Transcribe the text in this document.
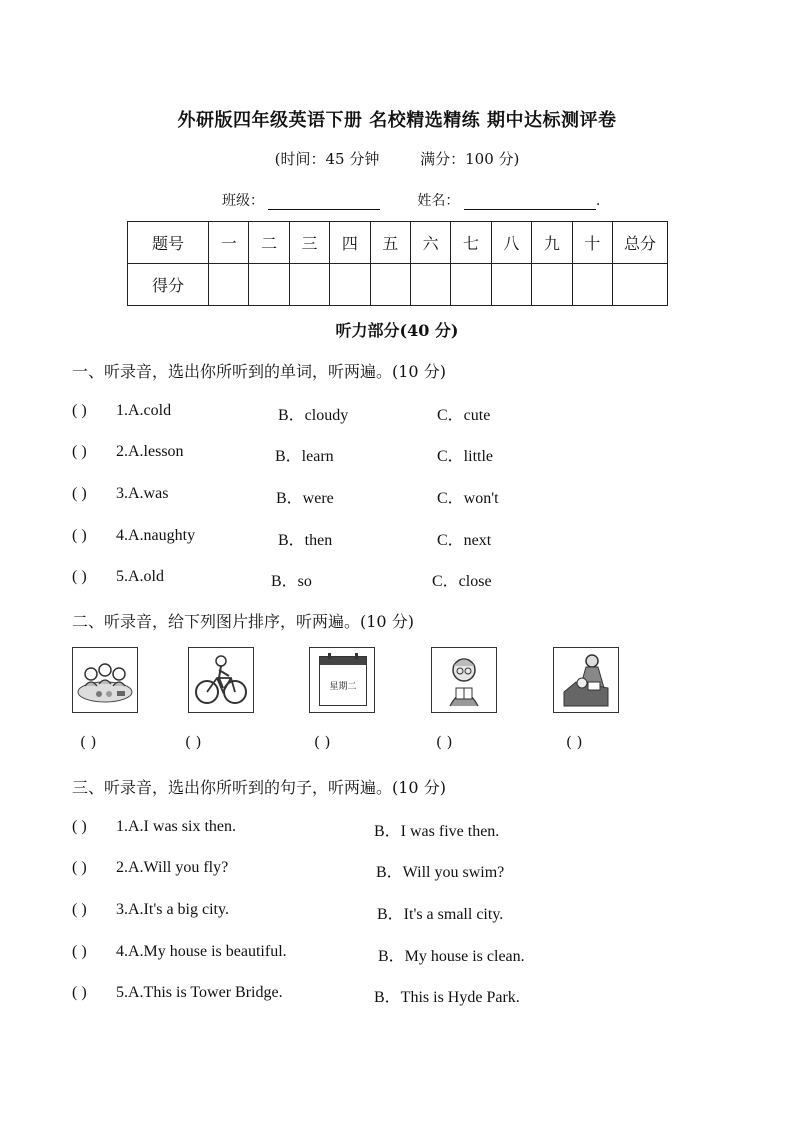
外研版四年级英语下册 名校精选精练 期中达标测评卷
(时间：45 分钟	满分：100 分)
班级：	姓名：	.
题号	一	二	三	四	五	六	七	八	九	十	总分
得分											
听力部分(40 分)
一、听录音，选出你所听到的单词，听两遍。(10 分)
( ) 1.A.cold	B．cloudy	C．cute
( ) 2.A.lesson	B．learn	C．little
( ) 3.A.was	B．were	C．won't
( ) 4.A.naughty	B．then	C．next
( ) 5.A.old	B．so	C．close
二、听录音，给下列图片排序，听两遍。(10 分)
星期二
( )	( )	( )	( )	( )
三、听录音，选出你所听到的句子，听两遍。(10 分)
( ) 1.A.I was six then.	B．I was five then.
( ) 2.A.Will you fly?	B．Will you swim?
( ) 3.A.It's a big city.	B．It's a small city.
( ) 4.A.My house is beautiful.	B．My house is clean.
( ) 5.A.This is Tower Bridge.	B．This is Hyde Park.
